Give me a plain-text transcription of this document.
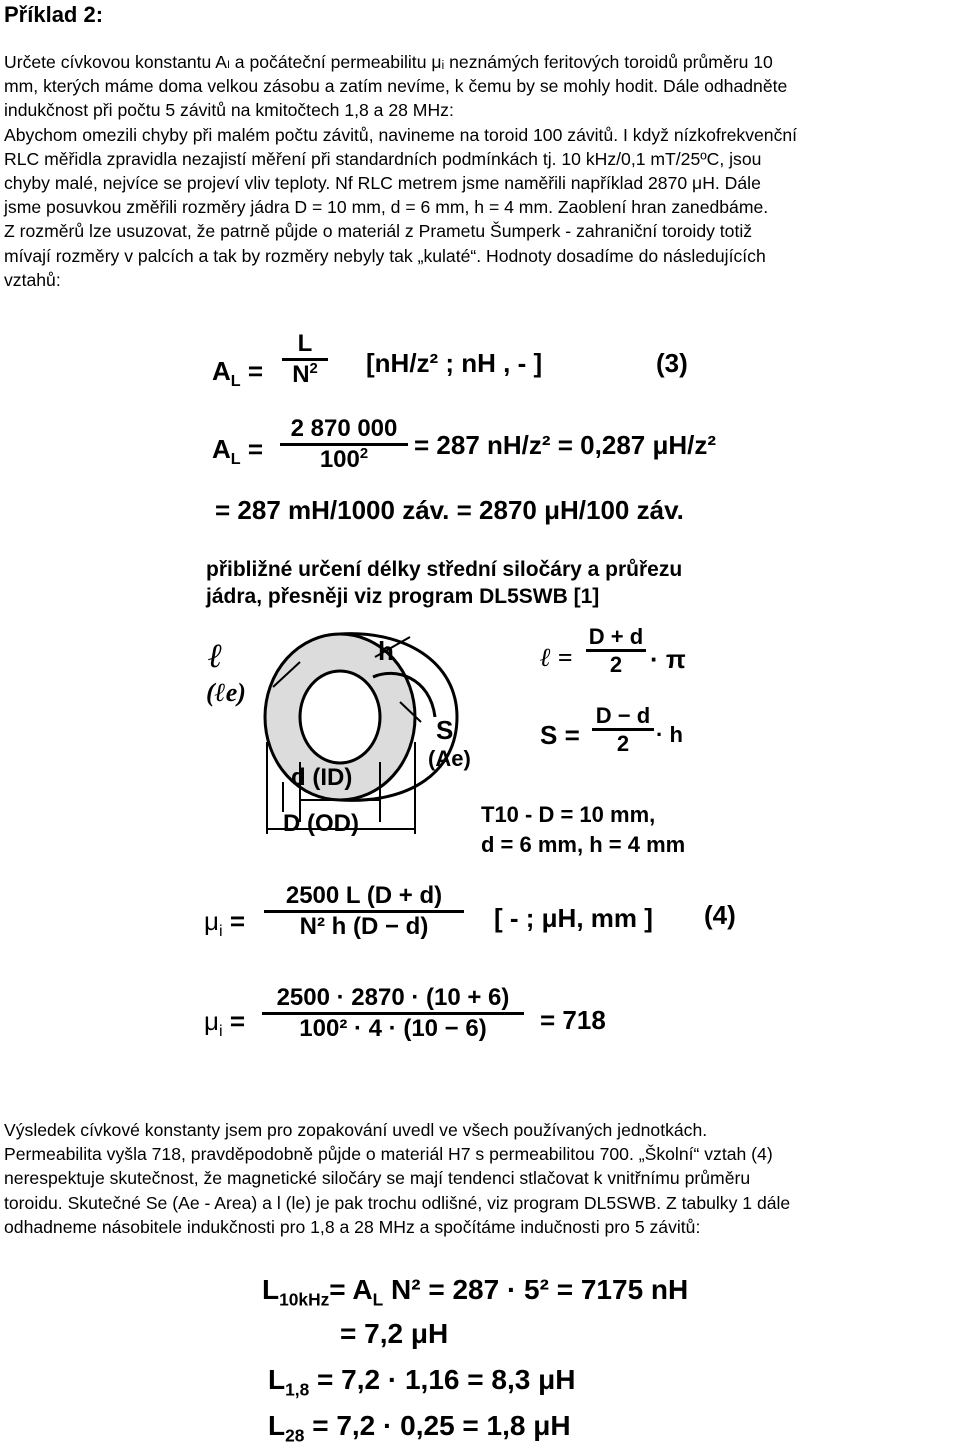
Příklad 2:
Určete cívkovou konstantu Aₗ a počáteční permeabilitu μᵢ neznámých feritových toroidů průměru 10
mm, kterých máme doma velkou zásobu a zatím nevíme, k čemu by se mohly hodit. Dále odhadněte
indukčnost při počtu 5 závitů na kmitočtech 1,8 a 28 MHz:
Abychom omezili chyby při malém počtu závitů, navineme na toroid 100 závitů. I když nízkofrekvenční
RLC měřidla zpravidla nezajistí měření při standardních podmínkách tj. 10 kHz/0,1 mT/25ºC, jsou
chyby malé, nejvíce se projeví vliv teploty. Nf RLC metrem jsme naměřili například 2870 μH. Dále
jsme posuvkou změřili rozměry jádra D = 10 mm, d = 6 mm, h = 4 mm. Zaoblení hran zanedbáme.
Z rozměrů lze usuzovat, že patrně půjde o materiál z Prametu Šumperk - zahraniční toroidy totiž
mívají rozměry v palcích a tak by rozměry nebyly tak „kulaté“. Hodnoty dosadíme do následujících
vztahů:
$A_L$ =
L
$N^2$ [nH/z² ; nH , - ]	(3)
$A_L$ =
2 870 000
$100^2 = 287$ nH/z² = 0,287 μH/z²
= 287 mH/1000 záv. = 2870 μH/100 záv.
přibližné určení délky střední siločáry a průřezu
jádra, přesněji viz program DL5SWB [1]
ℓ
(ℓe)
h
S
(Ae)
d (ID)
D (OD)
ℓ =
D + d
2 · π
S =
D − d
2 · h
T10 - D = 10 mm,
d = 6 mm, h = 4 mm
$\mu_i$ =
2500 L (D + d)
N² h (D − d)	[ - ; μH, mm ] (4)
$\mu_i$ =
2500 · 2870 · (10 + 6)
100² · 4 · (10 − 6) = 718
Výsledek cívkové konstanty jsem pro zopakování uvedl ve všech používaných jednotkách.
Permeabilita vyšla 718, pravděpodobně půjde o materiál H7 s permeabilitou 700. „Školní“ vztah (4)
nerespektuje skutečnost, že magnetické siločáry se mají tendenci stlačovat k vnitřnímu průměru
toroidu. Skutečné Se (Ae - Area) a l (le) je pak trochu odlišné, viz program DL5SWB. Z tabulky 1 dále
odhadneme násobitele indukčnosti pro 1,8 a 28 MHz a spočítáme indučnosti pro 5 závitů:
$L_{10kHz}= A_L$ N² = 287 · 5² = 7175 nH
= 7,2 μH
$L_{1,8} = 7,2 \cdot 1,16 = 8,3$ μH
$L_{28} = 7,2 \cdot 0,25 = 1,8$ μH
